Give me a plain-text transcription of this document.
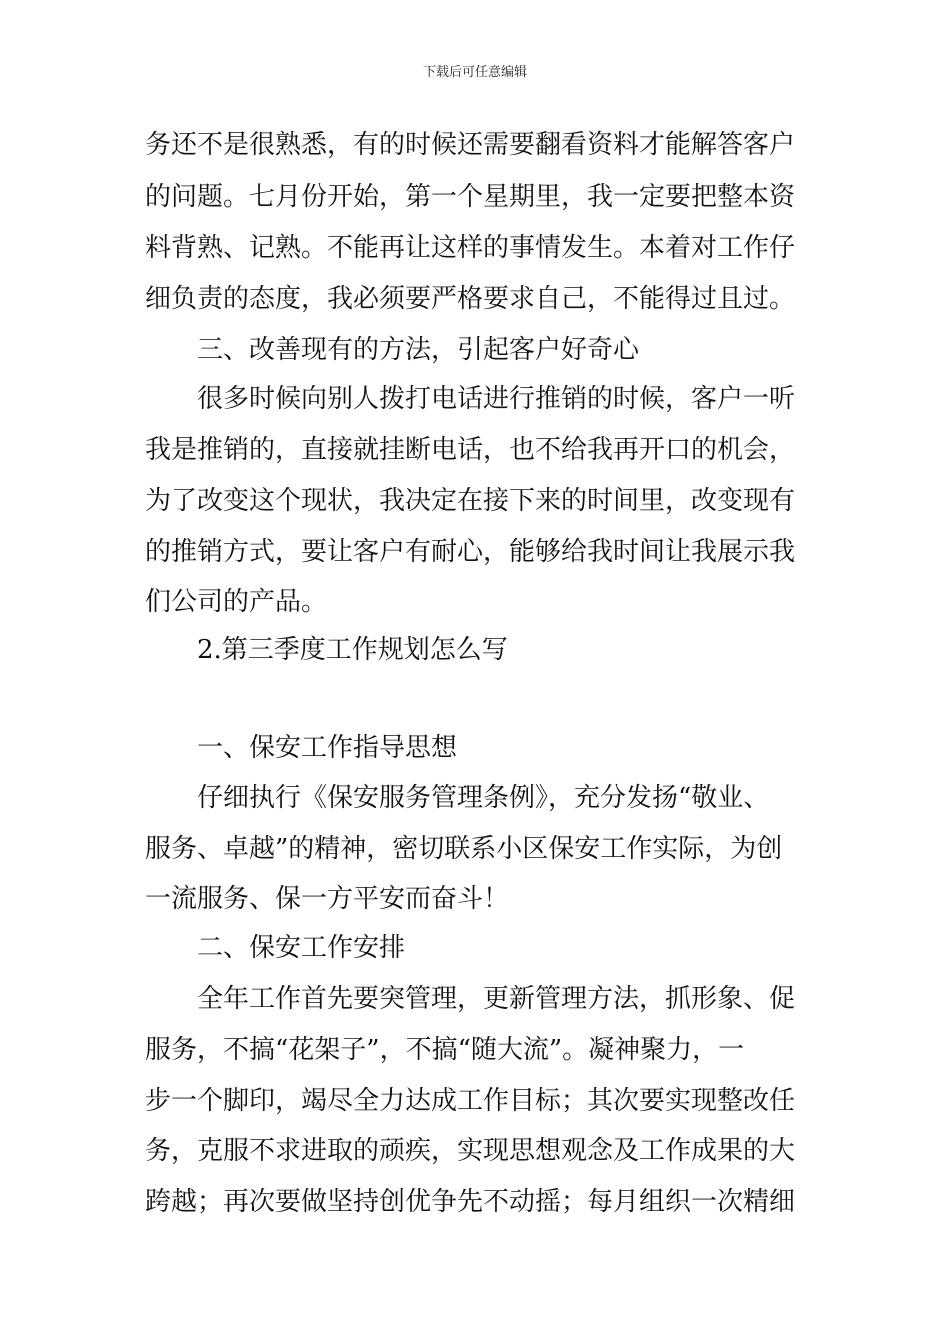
下载后可任意编辑
务还不是很熟悉，有的时候还需要翻看资料才能解答客户
的问题。七月份开始，第一个星期里，我一定要把整本资
料背熟、记熟。不能再让这样的事情发生。本着对工作仔
细负责的态度，我必须要严格要求自己，不能得过且过。
三、改善现有的方法，引起客户好奇心
很多时候向别人拨打电话进行推销的时候，客户一听
我是推销的，直接就挂断电话，也不给我再开口的机会，
为了改变这个现状，我决定在接下来的时间里，改变现有
的推销方式，要让客户有耐心，能够给我时间让我展示我
们公司的产品。
2.第三季度工作规划怎么写
一、保安工作指导思想
仔细执行《保安服务管理条例》，充分发扬“敬业、
服务、卓越”的精神，密切联系小区保安工作实际，为创
一流服务、保一方平安而奋斗！
二、保安工作安排
全年工作首先要突管理，更新管理方法，抓形象、促
服务，不搞“花架子”，不搞“随大流”。凝神聚力，一
步一个脚印，竭尽全力达成工作目标；其次要实现整改任
务，克服不求进取的顽疾，实现思想观念及工作成果的大
跨越；再次要做坚持创优争先不动摇；每月组织一次精细
